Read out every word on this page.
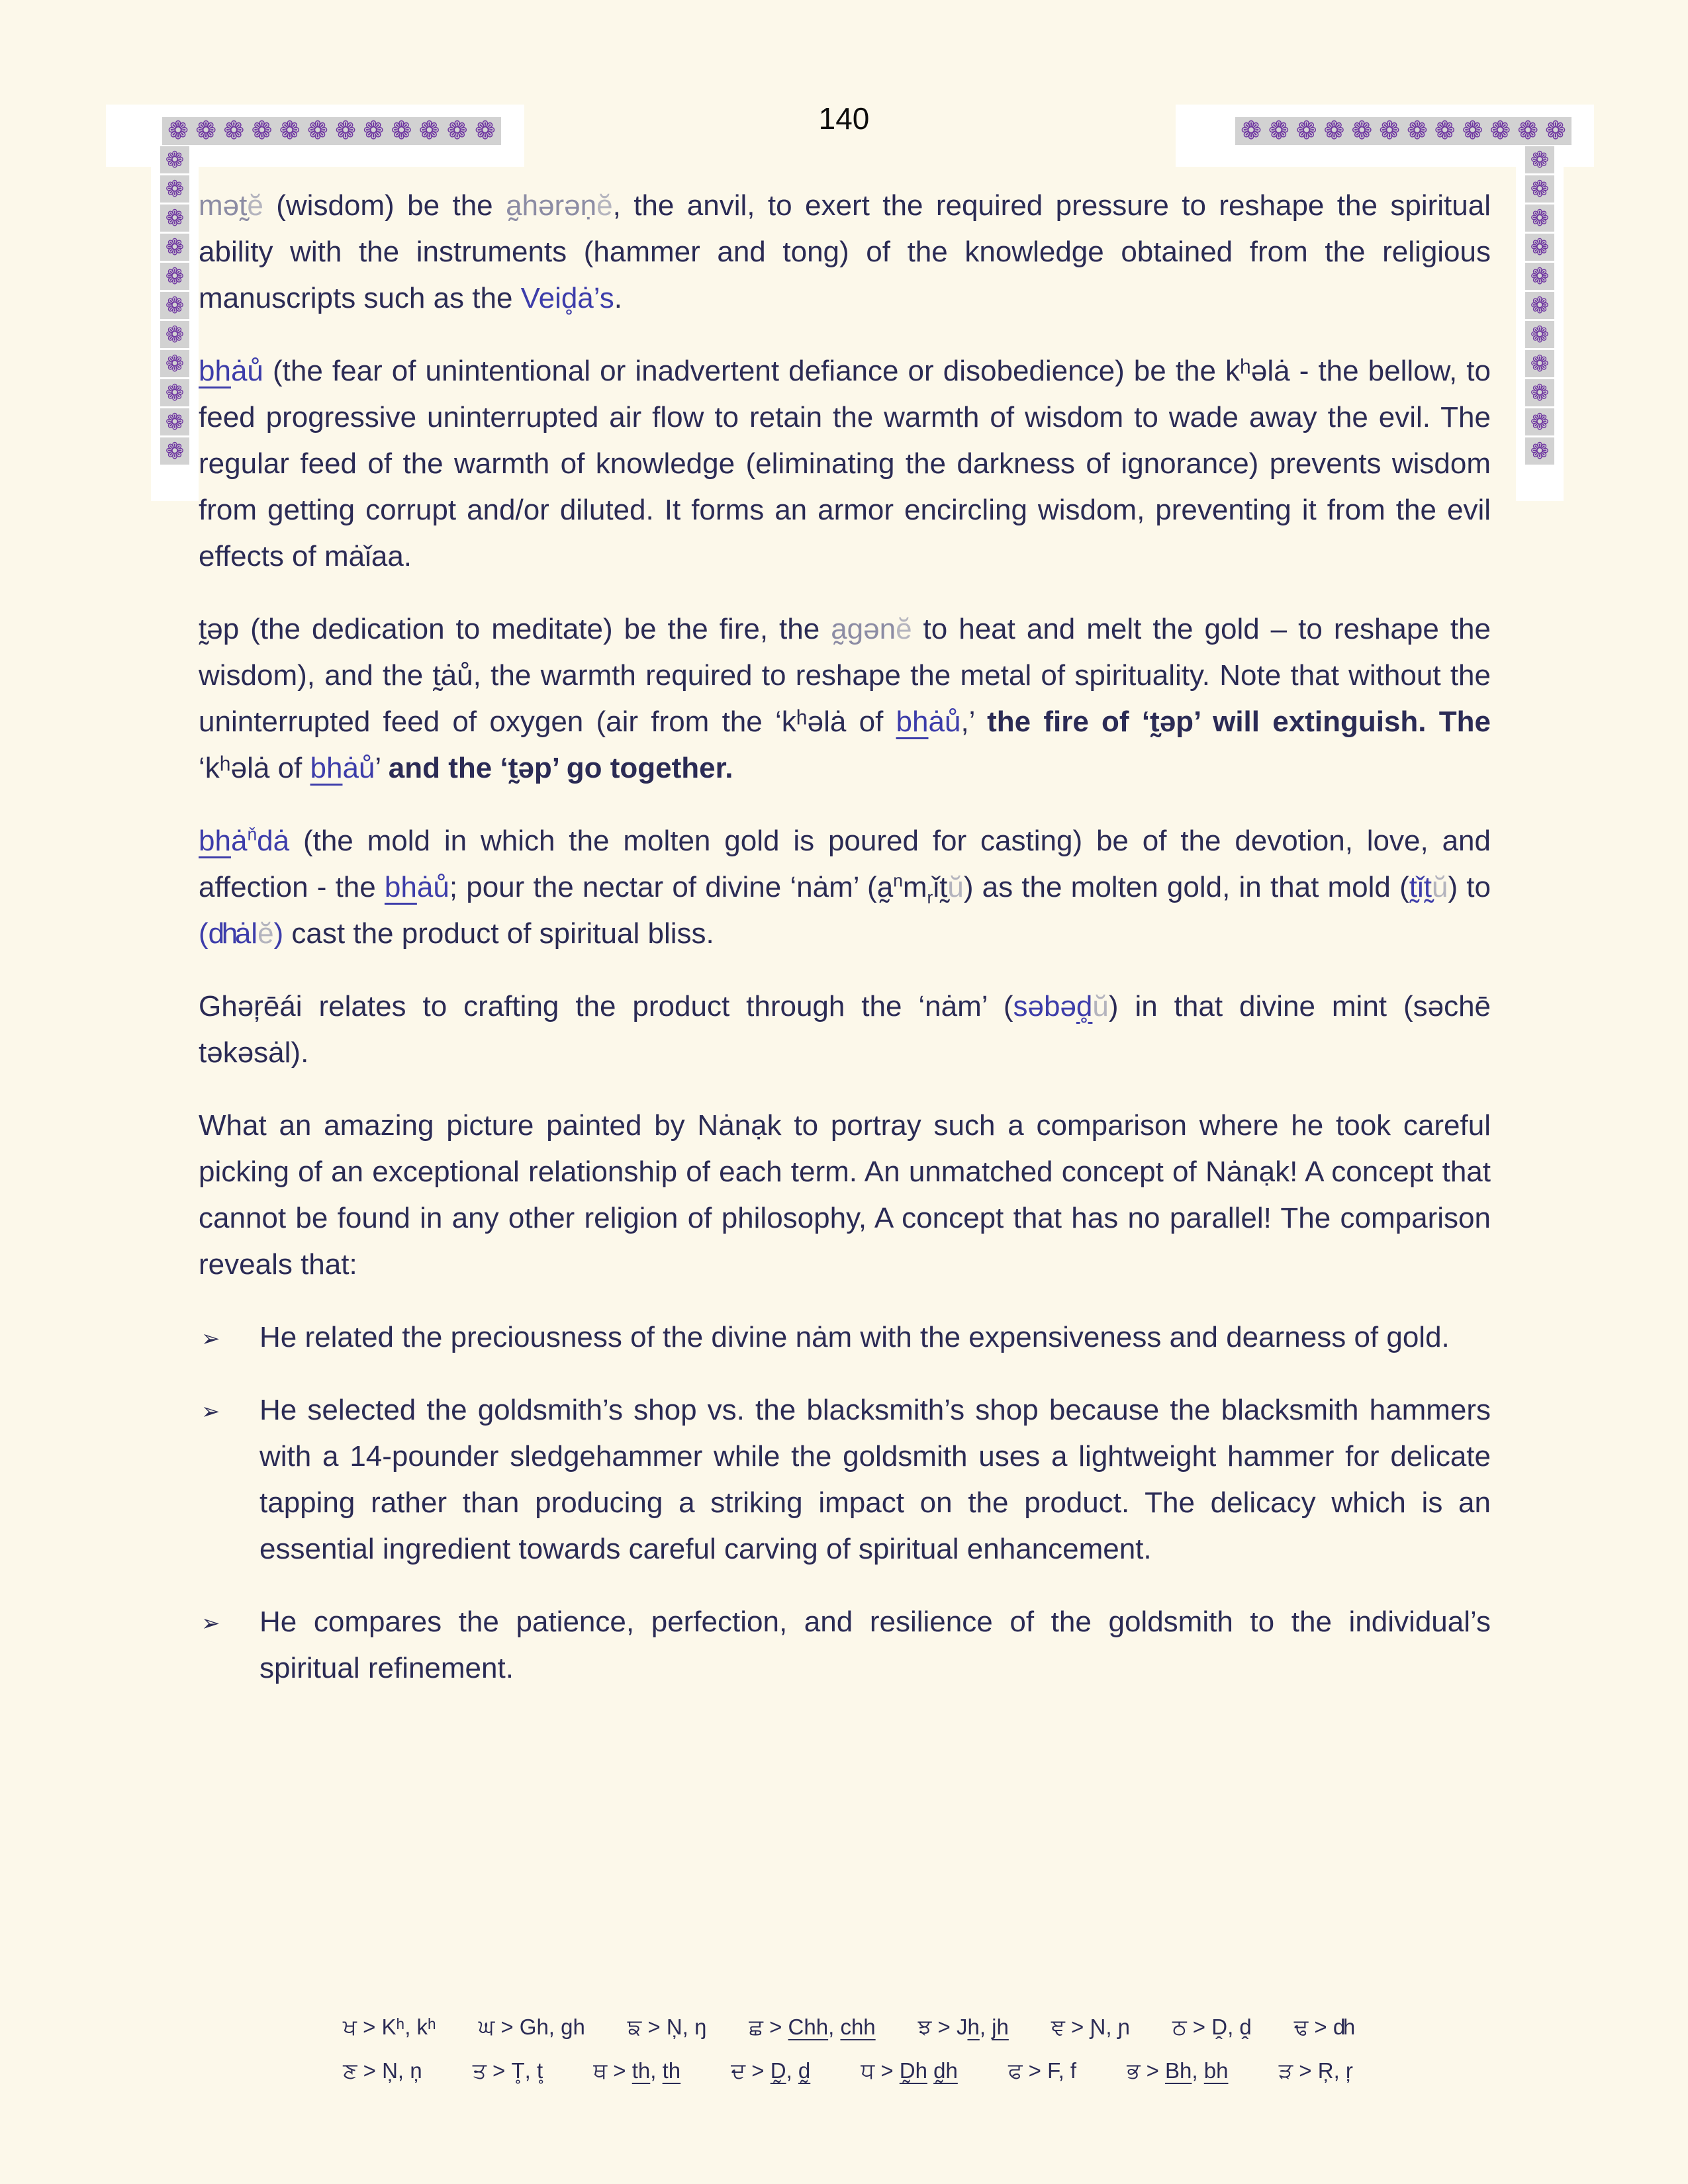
140
❁ ❁ ❁ ❁ ❁ ❁ ❁ ❁ ❁ ❁ ❁ ❁	❁ ❁ ❁ ❁ ❁ ❁ ❁ ❁ ❁ ❁ ❁ ❁
❁
❁
❁
❁
❁
❁
❁
❁
❁
❁
❁
❁
❁
❁
❁
❁
❁
❁
❁
❁
❁
❁
mət̰ĕ (wisdom) be the a̰hərəṇĕ, the anvil, to exert the required pressure to reshape the spiritual ability with the instruments (hammer and tong) of the knowledge obtained from the religious manuscripts such as the Veid̥ȧ’s.
bhȧů (the fear of unintentional or inadvertent defiance or disobedience) be the kʰəlȧ - the bellow, to feed progressive uninterrupted air flow to retain the warmth of wisdom to wade away the evil. The regular feed of the warmth of knowledge (eliminating the darkness of ignorance) prevents wisdom from getting corrupt and/or diluted. It forms an armor encircling wisdom, preventing it from the evil effects of mȧǐaa.
t̰əp (the dedication to meditate) be the fire, the a̰gənĕ to heat and melt the gold – to reshape the wisdom), and the t̰ȧů, the warmth required to reshape the metal of spirituality. Note that without the uninterrupted feed of oxygen (air from the ‘kʰəlȧ of bhȧů,’ the fire of ‘t̰əp’ will extinguish. The ‘kʰəlȧ of bhȧů’ and the ‘t̰əp’ go together.
bhȧ$^ň$dȧ (the mold in which the molten gold is poured for casting) be of the devotion, love, and affection - the bhȧů; pour the nectar of divine ‘nȧm’ $(a̰^nm_rǐt̰ŭ)$ as the molten gold, in that mold (t̰ǐt̰ŭ) to (dhȧlĕ) cast the product of spiritual bliss.
Ghəŗēái relates to crafting the product through the ‘nȧm’ (səbəd̥ŭ) in that divine mint (səchē təkəsȧl).
What an amazing picture painted by Nȧnạk to portray such a comparison where he took careful picking of an exceptional relationship of each term. An unmatched concept of Nȧnạk! A concept that cannot be found in any other religion of philosophy, A concept that has no parallel! The comparison reveals that:
➢ He related the preciousness of the divine nȧm with the expensiveness and dearness of gold.
➢ He selected the goldsmith’s shop vs. the blacksmith’s shop because the blacksmith hammers with a 14-pounder sledgehammer while the goldsmith uses a lightweight hammer for delicate tapping rather than producing a striking impact on the product. The delicacy which is an essential ingredient towards careful carving of spiritual enhancement.
➢ He compares the patience, perfection, and resilience of the goldsmith to the individual’s spiritual refinement.
ਖ > Kʰ, kʰ ਘ > Gh, gh ਙ > Ņ, ŋ ਛ > Chh, chh ਝ > Jh, jh ਞ > Ɲ, ɲ ਠ > Ḓ, ḓ ਢ > dh
ਣ > Ņ, ņ ਤ > T̥, t̥ ਥ > th, th ਦ > D̰, d̰ ਧ > D̰h d̰h ਫ > F, f ਭ > Bh, bh ੜ > Ŗ, ŗ
